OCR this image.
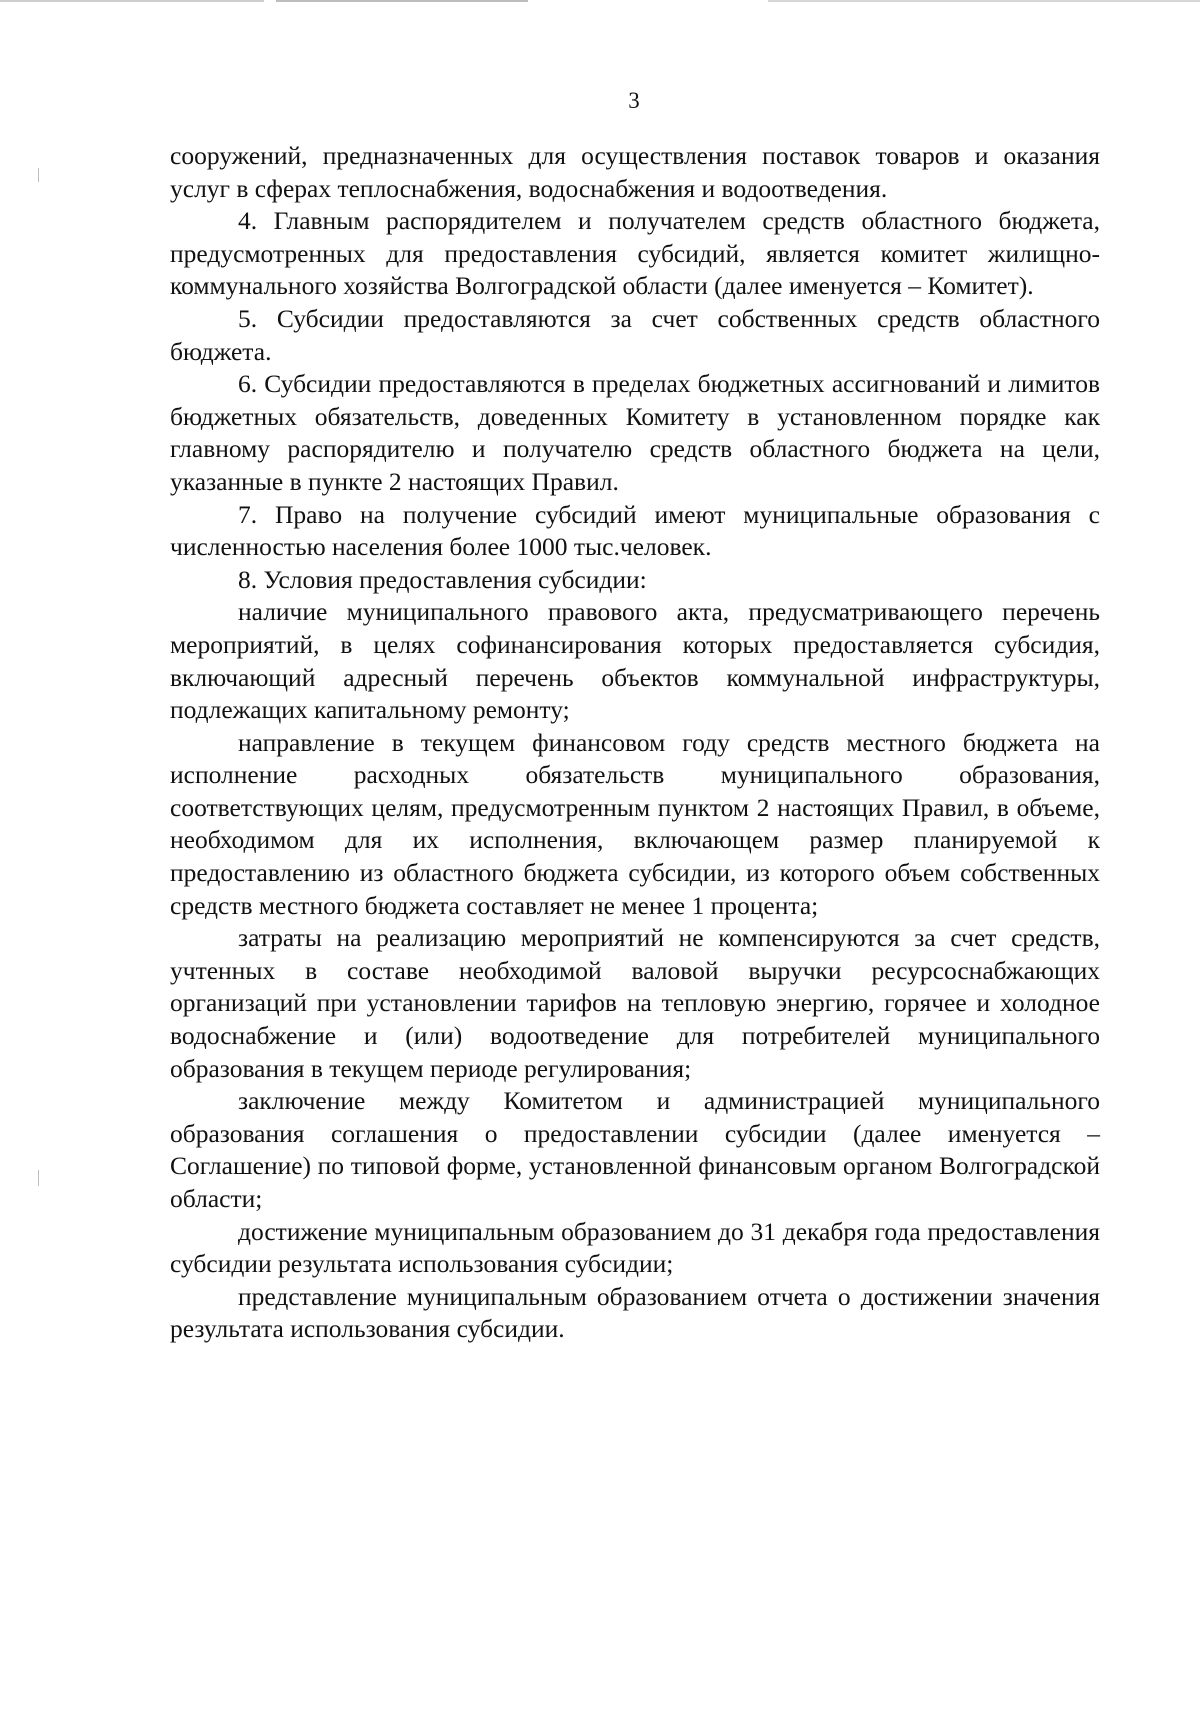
3

сооружений, предназначенных для осуществления поставок товаров и оказания услуг в сферах теплоснабжения, водоснабжения и водоотведения.

4. Главным распорядителем и получателем средств областного бюджета, предусмотренных для предоставления субсидий, является комитет жилищно-коммунального хозяйства Волгоградской области (далее именуется – Комитет).

5. Субсидии предоставляются за счет собственных средств областного бюджета.

6. Субсидии предоставляются в пределах бюджетных ассигнований и лимитов бюджетных обязательств, доведенных Комитету в установленном порядке как главному распорядителю и получателю средств областного бюджета на цели, указанные в пункте 2 настоящих Правил.

7. Право на получение субсидий имеют муниципальные образования с численностью населения более 1000 тыс.человек.

8. Условия предоставления субсидии:

наличие муниципального правового акта, предусматривающего перечень мероприятий, в целях софинансирования которых предоставляется субсидия, включающий адресный перечень объектов коммунальной инфраструктуры, подлежащих капитальному ремонту;

направление в текущем финансовом году средств местного бюджета на исполнение расходных обязательств муниципального образования, соответствующих целям, предусмотренным пунктом 2 настоящих Правил, в объеме, необходимом для их исполнения, включающем размер планируемой к предоставлению из областного бюджета субсидии, из которого объем собственных средств местного бюджета составляет не менее 1 процента;

затраты на реализацию мероприятий не компенсируются за счет средств, учтенных в составе необходимой валовой выручки ресурсоснабжающих организаций при установлении тарифов на тепловую энергию, горячее и холодное водоснабжение и (или) водоотведение для потребителей муниципального образования в текущем периоде регулирования;

заключение между Комитетом и администрацией муниципального образования соглашения о предоставлении субсидии (далее именуется – Соглашение) по типовой форме, установленной финансовым органом Волгоградской области;

достижение муниципальным образованием до 31 декабря года предоставления субсидии результата использования субсидии;

представление муниципальным образованием отчета о достижении значения результата использования субсидии.
